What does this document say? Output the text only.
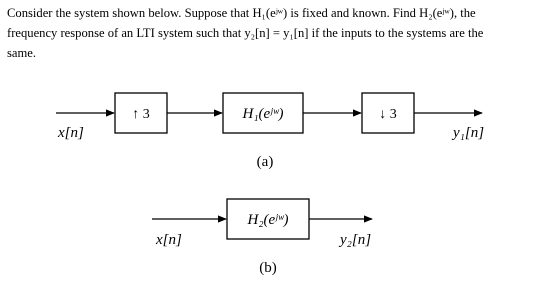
Consider the system shown below. Suppose that H₁(eʲʷ) is fixed and known. Find H₂(eʲʷ), the

frequency response of an LTI system such that y₂[n] = y₁[n] if the inputs to the systems are the

same.

x[n]
↑ 3	H₁(eʲʷ)	↓ 3
y₁[n]
(a)
x[n]
H₂(eʲʷ)
y₂[n]
(b)
